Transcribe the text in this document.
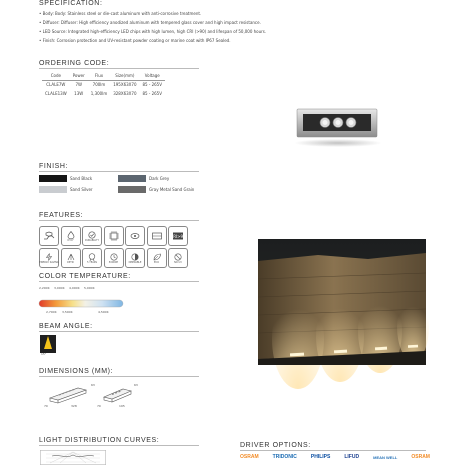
SPECIFICATION:
• Body: Body: Stainless steel or die-cast aluminum with anti-corrosive treatment.
• Diffuser: Diffuser: High efficiency anodized aluminum with tempered glass cover and high impact resistance.
• LED Source: Integrated high-efficiency LED chips with high lumen, high CRI (>90) and lifespan of 50,000 hours.
• Finish: Corrosion protection and UV-resistant powder coating or marine coat with IP67 Sealed.
ORDERING CODE:
Code	Power	Flux	Size(mm)	Voltage
CLALE7W	7W	700lm	195X63X70	85 - 265V
CLALE13W	13W	1,300lm	328X63X70	85 - 265V
FINISH:
Sand Black	Dark Grey
Sand Silver	Gray Metal Sand Grain
FEATURES:
IP 67	DURABILITY
CRI>90
ENERGY SAVING	OPTIC	5 YEARS	50000H	DIMMABLE	ECO	NO UV
COLOR TEMPERATURE:
2,200K 3,000K 4,000K 5,000K
2,700K 3,500K	4,500K
BEAM ANGLE:
15°
DIMENSIONS (MM):
63
70	328
63
70	195
LIGHT DISTRIBUTION CURVES:
DRIVER OPTIONS:
OSRAM	TRIDONIC	PHILIPS	LIFUD	MEAN WELL	OSRAM
